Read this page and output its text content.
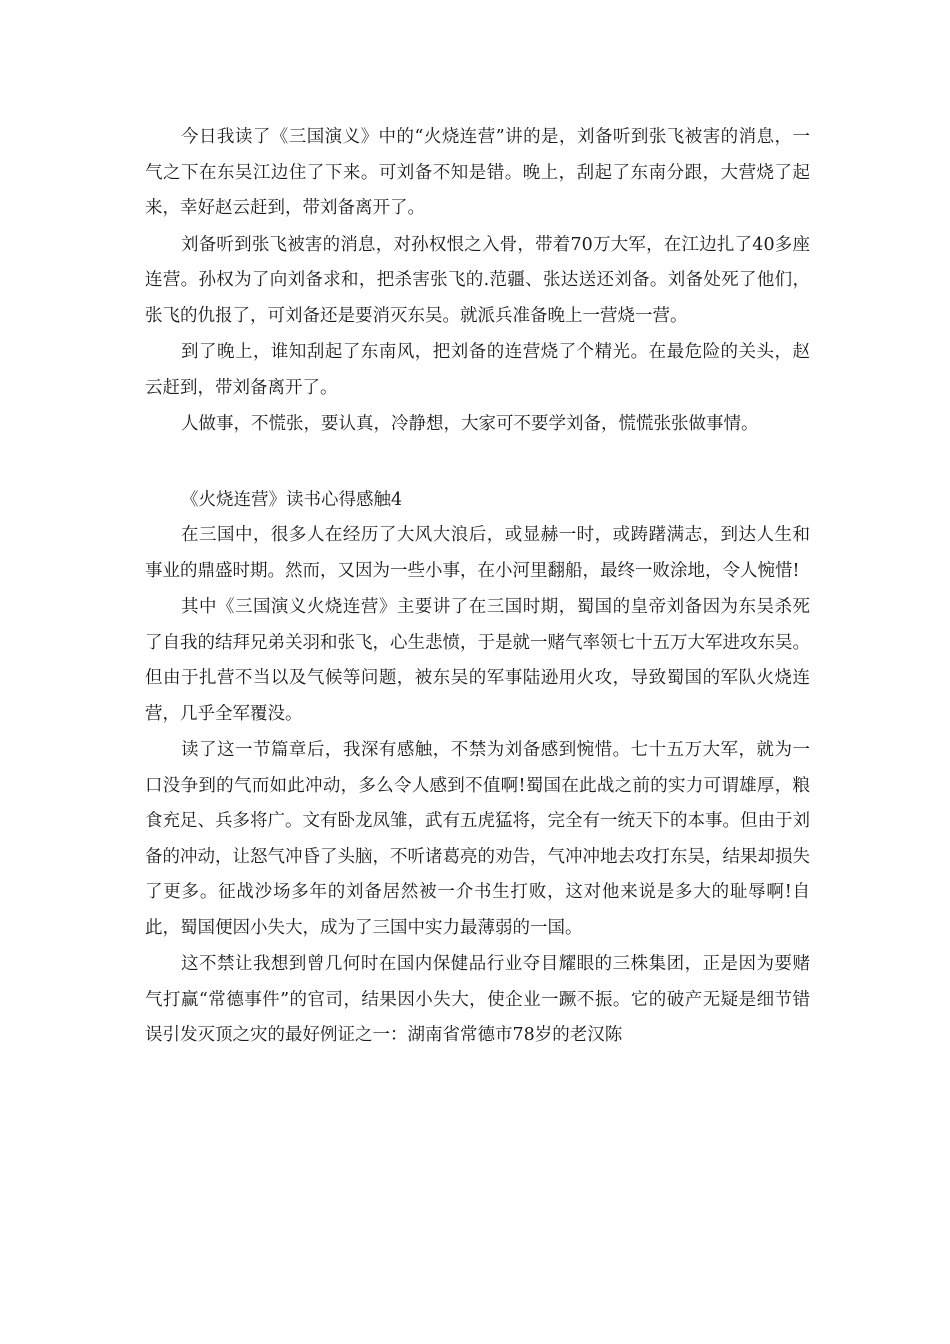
今日我读了《三国演义》中的“火烧连营”讲的是，刘备听到张飞被害的消息，一气之下在东吴江边住了下来。可刘备不知是错。晚上，刮起了东南分跟，大营烧了起来，幸好赵云赶到，带刘备离开了。

刘备听到张飞被害的消息，对孙权恨之入骨，带着70万大军，在江边扎了40多座连营。孙权为了向刘备求和，把杀害张飞的.范疆、张达送还刘备。刘备处死了他们，张飞的仇报了，可刘备还是要消灭东吴。就派兵准备晚上一营烧一营。

到了晚上，谁知刮起了东南风，把刘备的连营烧了个精光。在最危险的关头，赵云赶到，带刘备离开了。

人做事，不慌张，要认真，冷静想，大家可不要学刘备，慌慌张张做事情。

《火烧连营》读书心得感触4

在三国中，很多人在经历了大风大浪后，或显赫一时，或踌躇满志，到达人生和事业的鼎盛时期。然而，又因为一些小事，在小河里翻船，最终一败涂地，令人惋惜!

其中《三国演义火烧连营》主要讲了在三国时期，蜀国的皇帝刘备因为东吴杀死了自我的结拜兄弟关羽和张飞，心生悲愤，于是就一赌气率领七十五万大军进攻东吴。但由于扎营不当以及气候等问题，被东吴的军事陆逊用火攻，导致蜀国的军队火烧连营，几乎全军覆没。

读了这一节篇章后，我深有感触，不禁为刘备感到惋惜。七十五万大军，就为一口没争到的气而如此冲动，多么令人感到不值啊!蜀国在此战之前的实力可谓雄厚，粮食充足、兵多将广。文有卧龙凤雏，武有五虎猛将，完全有一统天下的本事。但由于刘备的冲动，让怒气冲昏了头脑，不听诸葛亮的劝告，气冲冲地去攻打东吴，结果却损失了更多。征战沙场多年的刘备居然被一介书生打败，这对他来说是多大的耻辱啊!自此，蜀国便因小失大，成为了三国中实力最薄弱的一国。

这不禁让我想到曾几何时在国内保健品行业夺目耀眼的三株集团，正是因为要赌气打赢“常德事件”的官司，结果因小失大，使企业一蹶不振。它的破产无疑是细节错误引发灭顶之灾的最好例证之一：湖南省常德市78岁的老汉陈
